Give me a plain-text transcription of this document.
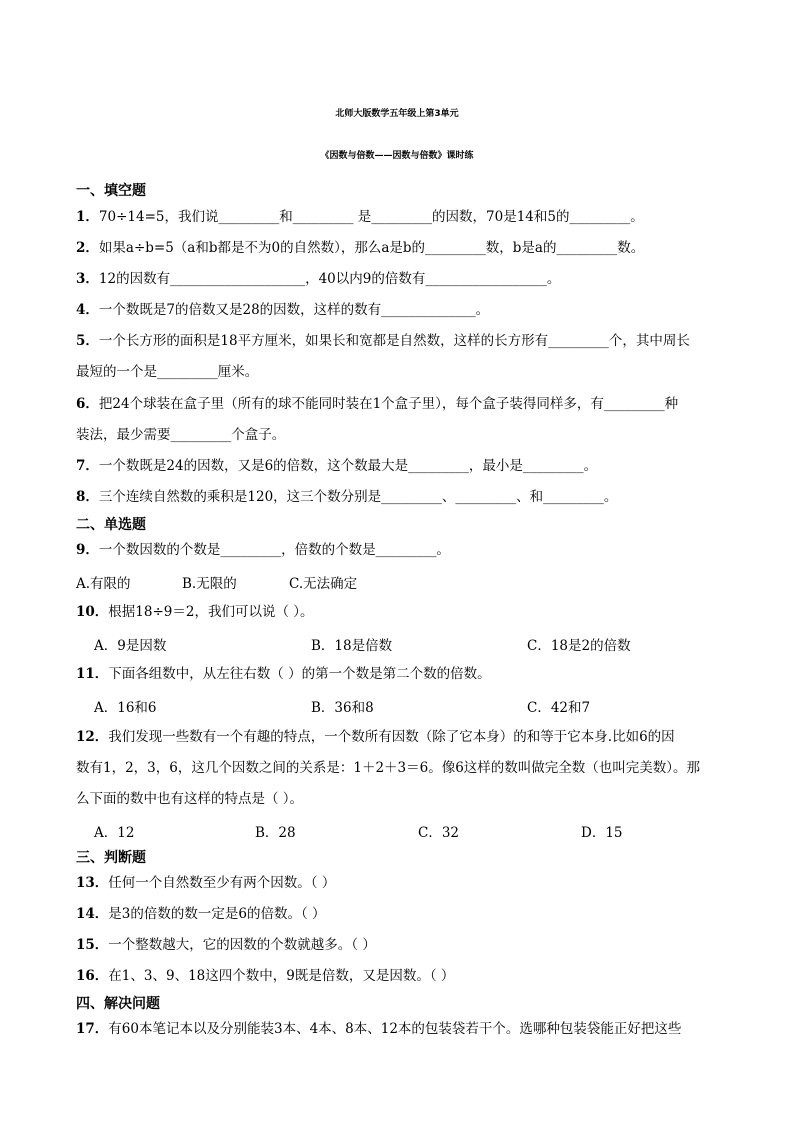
北师大版数学五年级上第3单元
《因数与倍数——因数与倍数》课时练
一、填空题
1．70÷14=5，我们说_________和_________ 是_________的因数，70是14和5的_________。
2．如果a÷b=5（a和b都是不为0的自然数），那么a是b的_________数，b是a的_________数。
3．12的因数有____________________，40以内9的倍数有__________________。
4．一个数既是7的倍数又是28的因数，这样的数有______________。
5．一个长方形的面积是18平方厘米，如果长和宽都是自然数，这样的长方形有_________个，其中周长
最短的一个是_________厘米。
6．把24个球装在盒子里（所有的球不能同时装在1个盒子里），每个盒子装得同样多，有_________种
装法，最少需要_________个盒子。
7．一个数既是24的因数，又是6的倍数，这个数最大是_________，最小是_________。
8．三个连续自然数的乘积是120，这三个数分别是_________、_________、和_________。
二、单选题
9．一个数因数的个数是_________，倍数的个数是_________。
A.有限的	B.无限的	C.无法确定
10．根据18÷9＝2，我们可以说（ ）。
A．9是因数	B．18是倍数	C．18是2的倍数
11．下面各组数中，从左往右数（ ）的第一个数是第二个数的倍数。
A．16和6	B．36和8	C．42和7
12．我们发现一些数有一个有趣的特点，一个数所有因数（除了它本身）的和等于它本身.比如6的因
数有1，2，3，6，这几个因数之间的关系是：1＋2＋3＝6。像6这样的数叫做完全数（也叫完美数）。那
么下面的数中也有这样的特点是（ ）。
A．12	B．28	C．32	D．15
三、判断题
13．任何一个自然数至少有两个因数。（ ）
14．是3的倍数的数一定是6的倍数。（ ）
15．一个整数越大，它的因数的个数就越多。（ ）
16．在1、3、9、18这四个数中，9既是倍数，又是因数。（ ）
四、解决问题
17．有60本笔记本以及分别能装3本、4本、8本、12本的包装袋若干个。选哪种包装袋能正好把这些
